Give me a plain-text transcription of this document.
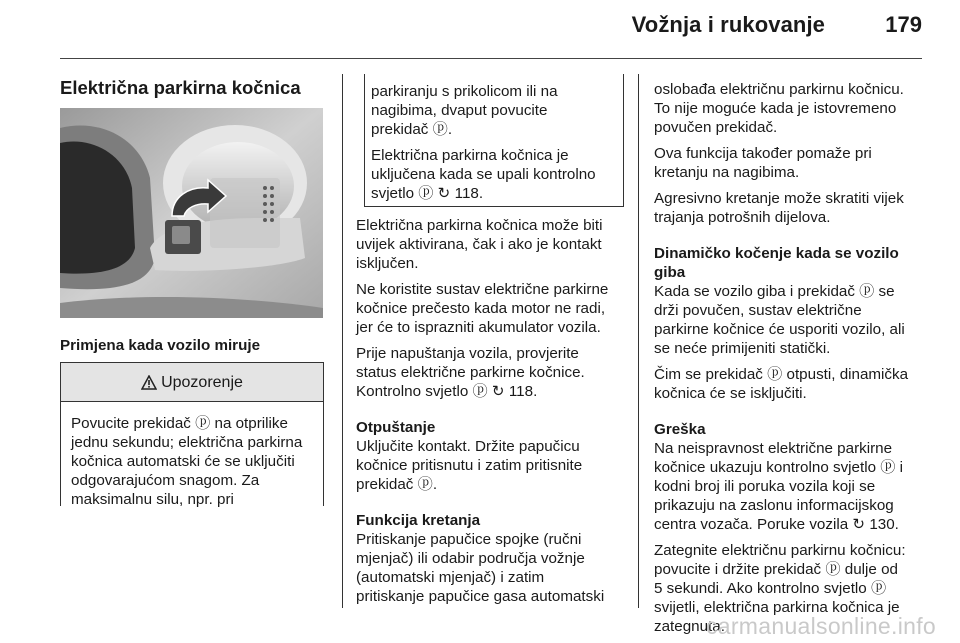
Vožnja i rukovanje	179
Električna parkirna kočnica
Primjena kada vozilo miruje
Upozorenje
Povucite prekidač ⓟ na otprilike
jednu sekundu; električna parkirna
kočnica automatski će se uključiti
odgovarajućom snagom. Za
maksimalnu silu, npr. pri

parkiranju s prikolicom ili na
nagibima, dvaput povucite
prekidač ⓟ.

Električna parkirna kočnica je
uključena kada se upali kontrolno
svjetlo ⓟ ↻ 118.

Električna parkirna kočnica može biti
uvijek aktivirana, čak i ako je kontakt
isključen.

Ne koristite sustav električne parkirne
kočnice prečesto kada motor ne radi,
jer će to isprazniti akumulator vozila.

Prije napuštanja vozila, provjerite
status električne parkirne kočnice.
Kontrolno svjetlo ⓟ ↻ 118.

Otpuštanje

Uključite kontakt. Držite papučicu
kočnice pritisnutu i zatim pritisnite
prekidač ⓟ.

Funkcija kretanja

Pritiskanje papučice spojke (ručni
mjenjač) ili odabir područja vožnje
(automatski mjenjač) i zatim
pritiskanje papučice gasa automatski

oslobađa električnu parkirnu kočnicu.
To nije moguće kada je istovremeno
povučen prekidač.

Ova funkcija također pomaže pri
kretanju na nagibima.

Agresivno kretanje može skratiti vijek
trajanja potrošnih dijelova.

Dinamičko kočenje kada se vozilo
giba

Kada se vozilo giba i prekidač ⓟ se
drži povučen, sustav električne
parkirne kočnice će usporiti vozilo, ali
se neće primijeniti statički.

Čim se prekidač ⓟ otpusti, dinamička
kočnica će se isključiti.

Greška

Na neispravnost električne parkirne
kočnice ukazuju kontrolno svjetlo ⓟ i
kodni broj ili poruka vozila koji se
prikazuju na zaslonu informacijskog
centra vozača. Poruke vozila ↻ 130.

Zategnite električnu parkirnu kočnicu:
povucite i držite prekidač ⓟ dulje od
5 sekundi. Ako kontrolno svjetlo ⓟ
svijetli, električna parkirna kočnica je
zategnuta.

carmanualsonline.info
